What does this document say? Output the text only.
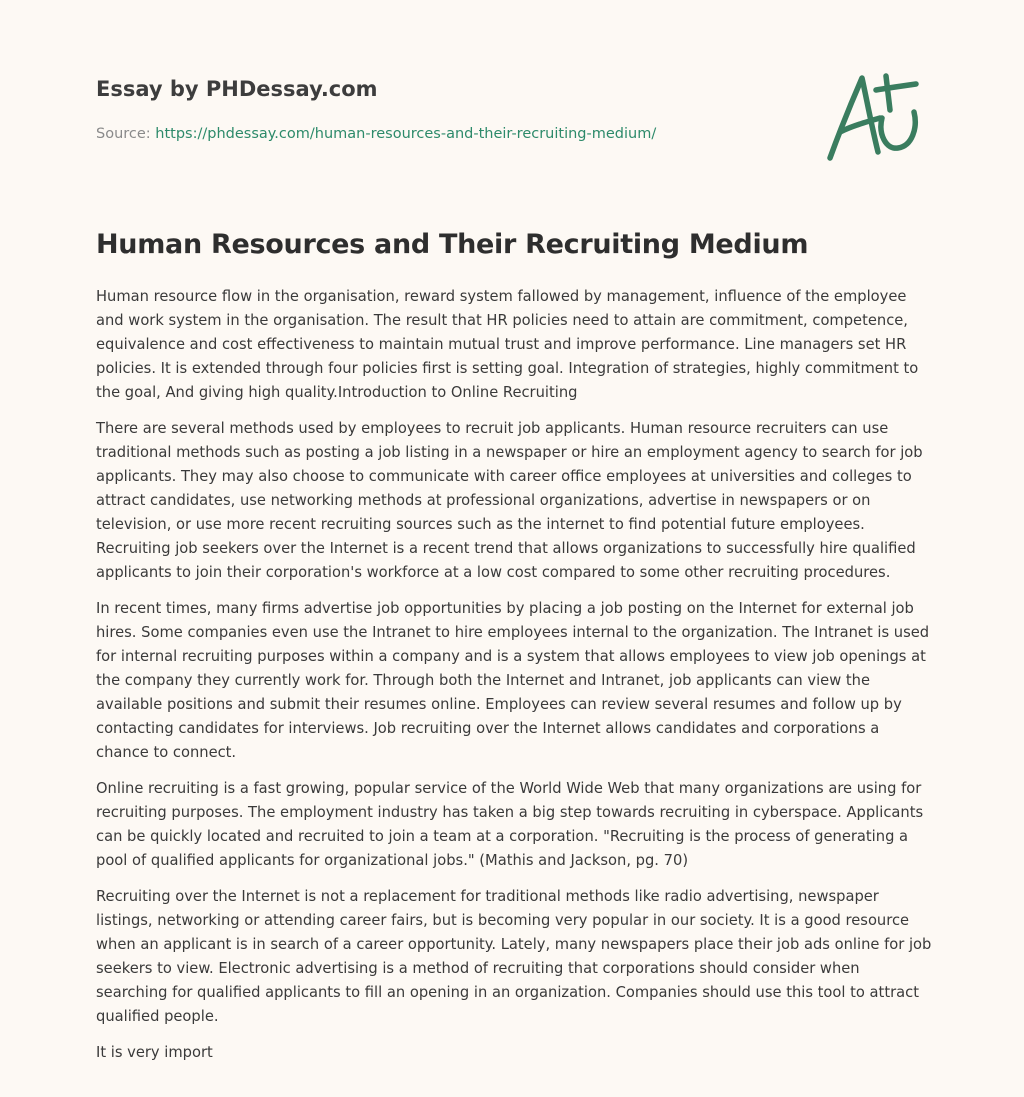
Essay by PHDessay.com
Source: https://phdessay.com/human-resources-and-their-recruiting-medium/
Human Resources and Their Recruiting Medium

Human resource flow in the organisation, reward system fallowed by management, influence of the employee and work system in the organisation. The result that HR policies need to attain are commitment, competence, equivalence and cost effectiveness to maintain mutual trust and improve performance. Line managers set HR policies. It is extended through four policies first is setting goal. Integration of strategies, highly commitment to the goal, And giving high quality.Introduction to Online Recruiting

There are several methods used by employees to recruit job applicants. Human resource recruiters can use traditional methods such as posting a job listing in a newspaper or hire an employment agency to search for job applicants. They may also choose to communicate with career office employees at universities and colleges to attract candidates, use networking methods at professional organizations, advertise in newspapers or on television, or use more recent recruiting sources such as the internet to find potential future employees. Recruiting job seekers over the Internet is a recent trend that allows organizations to successfully hire qualified applicants to join their corporation's workforce at a low cost compared to some other recruiting procedures.

In recent times, many firms advertise job opportunities by placing a job posting on the Internet for external job hires. Some companies even use the Intranet to hire employees internal to the organization. The Intranet is used for internal recruiting purposes within a company and is a system that allows employees to view job openings at the company they currently work for. Through both the Internet and Intranet, job applicants can view the available positions and submit their resumes online. Employees can review several resumes and follow up by contacting candidates for interviews. Job recruiting over the Internet allows candidates and corporations a chance to connect.

Online recruiting is a fast growing, popular service of the World Wide Web that many organizations are using for recruiting purposes. The employment industry has taken a big step towards recruiting in cyberspace. Applicants can be quickly located and recruited to join a team at a corporation. "Recruiting is the process of generating a pool of qualified applicants for organizational jobs." (Mathis and Jackson, pg. 70)

Recruiting over the Internet is not a replacement for traditional methods like radio advertising, newspaper listings, networking or attending career fairs, but is becoming very popular in our society. It is a good resource when an applicant is in search of a career opportunity. Lately, many newspapers place their job ads online for job seekers to view. Electronic advertising is a method of recruiting that corporations should consider when searching for qualified applicants to fill an opening in an organization. Companies should use this tool to attract qualified people.

It is very import
